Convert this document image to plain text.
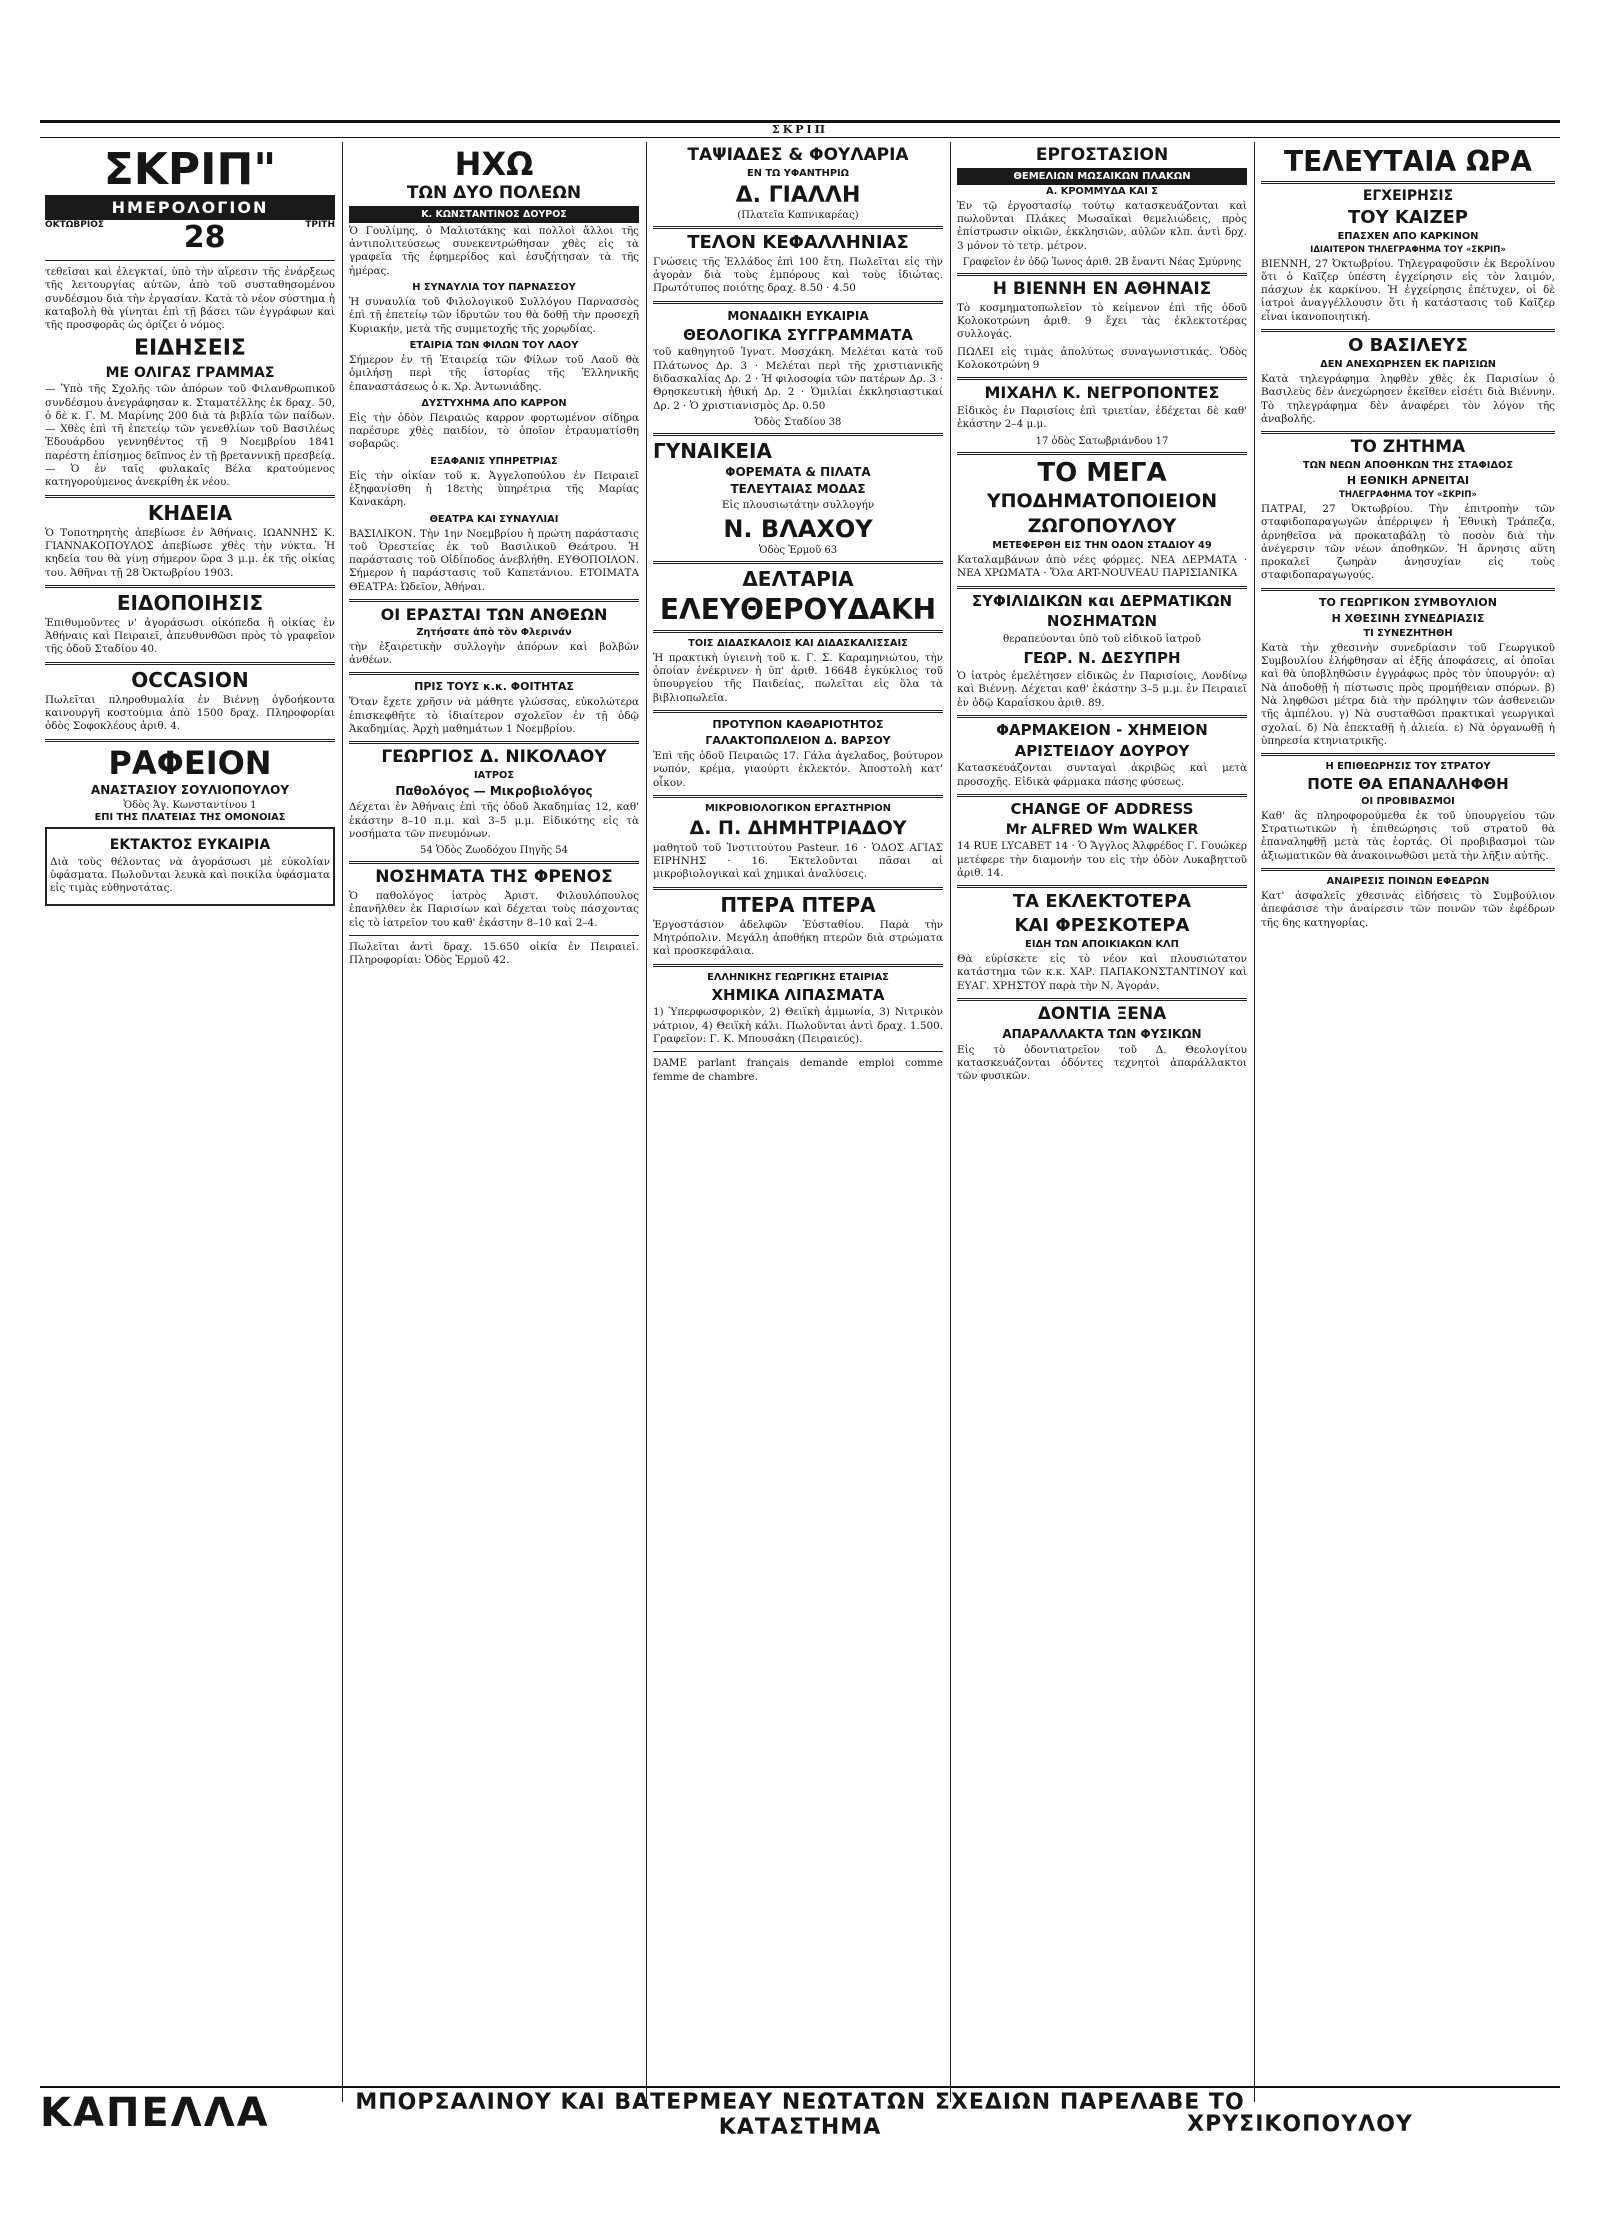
ΣΚΡΙΠ
ΣΚΡΙΠ"
ΗΜΕΡΟΛΟΓΙΟΝ
ΟΚΤΩΒΡΙΟΣ	28	ΤΡΙΤΗ

τεθεῖσαι καὶ ἐλεγκταί, ὑπὸ τὴν αἵρεσιν τῆς ἐνάρξεως τῆς λειτουργίας αὐτῶν, ἀπὸ τοῦ συσταθησομένου συνδέσμου διὰ τὴν ἐργασίαν. Κατὰ τὸ νέον σύστημα ἡ καταβολὴ θὰ γίνηται ἐπὶ τῇ βάσει τῶν ἐγγράφων καὶ τῆς προσφορᾶς ὡς ὁρίζει ὁ νόμος.

ΕΙΔΗΣΕΙΣ
ΜΕ ΟΛΙΓΑΣ ΓΡΑΜΜΑΣ

— Ὑπὸ τῆς Σχολῆς τῶν ἀπόρων τοῦ Φιλανθρωπικοῦ συνδέσμου ἀνεγράφησαν κ. Σταματέλλης ἐκ δραχ. 50, ὁ δὲ κ. Γ. Μ. Μαρίνης 200 διὰ τὰ βιβλία τῶν παίδων. — Χθὲς ἐπὶ τῆ ἐπετείῳ τῶν γενεθλίων τοῦ Βασιλέως Ἐδουάρδου γεννηθέντος τῇ 9 Νοεμβρίου 1841 παρέστη ἐπίσημος δεῖπνος ἐν τῇ βρεταννικῇ πρεσβείᾳ. — Ὁ ἐν ταῖς φυλακαῖς Βέλα κρατούμενος κατηγορούμενος ἀνεκρίθη ἐκ νέου.

ΚΗΔΕΙΑ

Ὁ Τοποτηρητὴς ἀπεβίωσε ἐν Ἀθήναις. ΙΩΑΝΝΗΣ Κ. ΓΙΑΝΝΑΚΟΠΟΥΛΟΣ ἀπεβίωσε χθὲς τὴν νύκτα. Ἡ κηδεία του θὰ γίνῃ σήμερον ὥρα 3 μ.μ. ἐκ τῆς οἰκίας του. Ἀθῆναι τῇ 28 Ὀκτωβρίου 1903.

ΕΙΔΟΠΟΙΗΣΙΣ

Ἐπιθυμοῦντες ν' ἀγοράσωσι οἰκόπεδα ἢ οἰκίας ἐν Ἀθήναις καὶ Πειραιεῖ, ἀπευθυνθῶσι πρὸς τὸ γραφεῖον τῆς ὁδοῦ Σταδίου 40.

OCCASION

Πωλεῖται πληροθυμαλία ἐν Βιέννῃ ὀγδοήκοντα καινουργῆ κοστούμια ἀπὸ 1500 δραχ. Πληροφορίαι ὁδὸς Σοφοκλέους ἀριθ. 4.

ΡΑΦΕΙΟΝ
ΑΝΑΣΤΑΣΙΟΥ ΣΟΥΛΙΟΠΟΥΛΟΥ
Ὁδὸς Ἁγ. Κωνσταντίνου 1
ΕΠΙ ΤΗΣ ΠΛΑΤΕΙΑΣ ΤΗΣ ΟΜΟΝΟΙΑΣ
ΕΚΤΑΚΤΟΣ ΕΥΚΑΙΡΙΑ

Διὰ τοὺς θέλοντας νὰ ἀγοράσωσι μὲ εὐκολίαν ὑφάσματα. Πωλοῦνται λευκὰ καὶ ποικίλα ὑφάσματα εἰς τιμὰς εὐθηνοτάτας.

ΗΧΩ
ΤΩΝ ΔΥΟ ΠΟΛΕΩΝ
Κ. ΚΩΝΣΤΑΝΤΙΝΟΣ ΔΟΥΡΟΣ

Ὁ Γουλίμης, ὁ Μαλιοτάκης καὶ πολλοὶ ἄλλοι τῆς ἀντιπολιτεύσεως συνεκεντρώθησαν χθὲς εἰς τὰ γραφεῖα τῆς ἐφημερίδος καὶ ἐσυζήτησαν τὰ τῆς ἡμέρας.

Η ΣΥΝΑΥΛΙΑ ΤΟΥ ΠΑΡΝΑΣΣΟΥ

Ἡ συναυλία τοῦ Φιλολογικοῦ Συλλόγου Παρνασσὸς ἐπὶ τῇ ἐπετείῳ τῶν ἱδρυτῶν του θὰ δοθῇ τὴν προσεχῆ Κυριακήν, μετὰ τῆς συμμετοχῆς τῆς χορῳδίας.

ΕΤΑΙΡΙΑ ΤΩΝ ΦΙΛΩΝ ΤΟΥ ΛΑΟΥ

Σήμερον ἐν τῇ Ἑταιρείᾳ τῶν Φίλων τοῦ Λαοῦ θὰ ὁμιλήσῃ περὶ τῆς ἱστορίας τῆς Ἑλληνικῆς ἐπαναστάσεως ὁ κ. Χρ. Ἀντωνιάδης.

ΔΥΣΤΥΧΗΜΑ ΑΠΟ ΚΑΡΡΟΝ

Εἰς τὴν ὁδὸν Πειραιῶς καρρον φορτωμένον σίδηρα παρέσυρε χθὲς παιδίον, τὸ ὁποῖον ἐτραυματίσθη σοβαρῶς.

ΕΞΑΦΑΝΙΣ ΥΠΗΡΕΤΡΙΑΣ

Εἰς τὴν οἰκίαν τοῦ κ. Ἀγγελοπούλου ἐν Πειραιεῖ ἐξηφανίσθη ἡ 18ετὴς ὑπηρέτρια τῆς Μαρίας Κανακάρη.

ΘΕΑΤΡΑ ΚΑΙ ΣΥΝΑΥΛΙΑΙ

ΒΑΣΙΛΙΚΟΝ. Τὴν 1ην Νοεμβρίου ἡ πρώτη παράστασις τοῦ Ὀρεστείας ἐκ τοῦ Βασιλικοῦ Θεάτρου. Ἡ παράστασις τοῦ Οἰδίποδος ἀνεβλήθη. ΕΥΘΟΠΟΙΛΟΝ. Σήμερον ἡ παράστασις τοῦ Καπετάνιου. ΕΤΟΙΜΑΤΑ ΘΕΑΤΡΑ: Ὠδεῖον, Ἀθήναι.

ΟΙ ΕΡΑΣΤΑΙ ΤΩΝ ΑΝΘΕΩΝ
Ζητήσατε ἀπὸ τὸν Φλερινάν

τὴν ἐξαιρετικὴν συλλογὴν ἀπόρων καὶ βολβῶν ἀνθέων.

ΠΡΙΣ ΤΟΥΣ κ.κ. ΦΟΙΤΗΤΑΣ

Ὅταν ἔχετε χρῆσιν νὰ μάθητε γλώσσας, εὐκολώτερα ἐπισκεφθῆτε τὸ ἰδιαίτερον σχολεῖον ἐν τῇ ὁδῷ Ἀκαδημίας. Ἀρχὴ μαθημάτων 1 Νοεμβρίου.

ΓΕΩΡΓΙΟΣ Δ. ΝΙΚΟΛΑΟΥ
ΙΑΤΡΟΣ
Παθολόγος — Μικροβιολόγος

Δέχεται ἐν Ἀθήναις ἐπὶ τῆς ὁδοῦ Ἀκαδημίας 12, καθ' ἑκάστην 8–10 π.μ. καὶ 3–5 μ.μ. Εἰδικότης εἰς τὰ νοσήματα τῶν πνευμόνων.

54 Ὁδὸς Ζωοδόχου Πηγῆς 54
ΝΟΣΗΜΑΤΑ ΤΗΣ ΦΡΕΝΟΣ

Ὁ παθολόγος ἰατρὸς Ἀριστ. Φιλουλόπουλος ἐπανῆλθεν ἐκ Παρισίων καὶ δέχεται τοὺς πάσχοντας εἰς τὸ ἰατρεῖον του καθ' ἑκάστην 8–10 καὶ 2–4.

Πωλεῖται ἀντὶ δραχ. 15.650 οἰκία ἐν Πειραιεῖ. Πληροφορίαι: Ὁδὸς Ἑρμοῦ 42.

ΤΑΨΙΑΔΕΣ & ΦΟΥΛΑΡΙΑ
ΕΝ ΤΩ ΥΦΑΝΤΗΡΙΩ
Δ. ΓΙΑΛΛΗ
(Πλατεῖα Καπνικαρέας)
ΤΕΛΟΝ ΚΕΦΑΛΛΗΝΙΑΣ

Γνώσεις τῆς Ἑλλάδος ἐπὶ 100 ἔτη. Πωλεῖται εἰς τὴν ἀγορὰν διὰ τοὺς ἐμπόρους καὶ τοὺς ἰδιώτας. Πρωτότυπος ποιότης δραχ. 8.50 · 4.50

ΜΟΝΑΔΙΚΗ ΕΥΚΑΙΡΙΑ
ΘΕΟΛΟΓΙΚΑ ΣΥΓΓΡΑΜΜΑΤΑ

τοῦ καθηγητοῦ Ἰγνατ. Μοσχάκη. Μελέται κατὰ τοῦ Πλάτωνος Δρ. 3 · Μελέται περὶ τῆς χριστιανικῆς διδασκαλίας Δρ. 2 · Ἡ φιλοσοφία τῶν πατέρων Δρ. 3 · Θρησκευτικὴ ἠθική Δρ. 2 · Ὁμιλίαι ἐκκλησιαστικαί Δρ. 2 · Ὁ χριστιανισμὸς Δρ. 0.50

Ὁδὸς Σταδίου 38
ΓΥΝΑΙΚΕΙΑ
ΦΟΡΕΜΑΤΑ & ΠΙΛΑΤΑ
ΤΕΛΕΥΤΑΙΑΣ ΜΟΔΑΣ

Εἰς πλουσιωτάτην συλλογήν

Ν. ΒΛΑΧΟΥ
Ὁδὸς Ἑρμοῦ 63
ΔΕΛΤΑΡΙΑ
ΕΛΕΥΘΕΡΟΥΔΑΚΗ
ΤΟΙΣ ΔΙΔΑΣΚΑΛΟΙΣ ΚΑΙ ΔΙΔΑΣΚΑΛΙΣΣΑΙΣ

Ἡ πρακτικὴ ὑγιεινὴ τοῦ κ. Γ. Σ. Καραμηνιώτου, τὴν ὁποίαν ἐνέκρινεν ἡ ὑπ' ἀριθ. 16648 ἐγκύκλιος τοῦ ὑπουργείου τῆς Παιδείας, πωλεῖται εἰς ὅλα τὰ βιβλιοπωλεῖα.

ΠΡΟΤΥΠΟΝ ΚΑΘΑΡΙΟΤΗΤΟΣ
ΓΑΛΑΚΤΟΠΩΛΕΙΟΝ Δ. ΒΑΡΣΟΥ

Ἐπὶ τῆς ὁδοῦ Πειραιῶς 17. Γάλα ἀγελαδος, βούτυρον νωπόν, κρέμα, γιαούρτι ἐκλεκτόν. Ἀποστολὴ κατ' οἶκον.

ΜΙΚΡΟΒΙΟΛΟΓΙΚΟΝ ΕΡΓΑΣΤΗΡΙΟΝ
Δ. Π. ΔΗΜΗΤΡΙΑΔΟΥ

μαθητοῦ τοῦ Ἰνστιτούτου Pasteur. 16 · ὉΔΟΣ ΑΓΙΑΣ ΕΙΡΗΝΗΣ · 16. Ἐκτελοῦνται πᾶσαι αἱ μικροβιολογικαὶ καὶ χημικαὶ ἀναλύσεις.

ΠΤΕΡΑ ΠΤΕΡΑ

Ἐργοστάσιον ἀδελφῶν Ἐὐσταθίου. Παρὰ τὴν Μητρόπολιν. Μεγάλη ἀποθήκη πτερῶν διὰ στρώματα καὶ προσκεφάλαια.

ΕΛΛΗΝΙΚΗΣ ΓΕΩΡΓΙΚΗΣ ΕΤΑΙΡΙΑΣ
ΧΗΜΙΚΑ ΛΙΠΑΣΜΑΤΑ

1) Ὑπερφωσφορικὸν, 2) Θειϊκὴ ἀμμωνία, 3) Νιτρικὸν νάτριον, 4) Θειϊκὴ κάλι. Πωλοῦνται ἀντὶ δραχ. 1.500. Γραφεῖον: Γ. Κ. Μπουσάκη (Πειραιεύς).

DAME parlant français demande emploi comme femme de chambre.

ΕΡΓΟΣΤΑΣΙΟΝ
ΘΕΜΕΛΙΩΝ ΜΩΣΑΙΚΩΝ ΠΛΑΚΩΝ
Α. ΚΡΟΜΜΥΔΑ ΚΑΙ Σ

Ἐν τῷ ἐργοστασίῳ τούτῳ κατασκευάζονται καὶ πωλοῦνται Πλάκες Μωσαϊκαὶ θεμελιώδεις, πρὸς ἐπίστρωσιν οἰκιῶν, ἐκκλησιῶν, αὐλῶν κλπ. ἀντὶ δρχ. 3 μόνον τὸ τετρ. μέτρον.

Γραφεῖον ἐν ὁδῷ Ἰωνος ἀριθ. 2Β ἔναντι Νέας Σμύρνης
Η ΒΙΕΝΝΗ ΕΝ ΑΘΗΝΑΙΣ

Τὸ κοσμηματοπωλεῖον τὸ κείμενον ἐπὶ τῆς ὁδοῦ Κολοκοτρώνη ἀριθ. 9 ἔχει τὰς ἐκλεκτοτέρας συλλογάς.

ΠΩΛΕΙ εἰς τιμὰς ἀπολύτως συναγωνιστικάς. Ὁδὸς Κολοκοτρώνη 9

ΜΙΧΑΗΛ Κ. ΝΕΓΡΟΠΟΝΤΕΣ

Εἰδικὸς ἐν Παρισίοις ἐπὶ τριετίαν, ἐδέχεται δὲ καθ' ἑκάστην 2–4 μ.μ.

17 ὁδὸς Σατωβριάνδου 17
ΤΟ ΜΕΓΑ
ΥΠΟΔΗΜΑΤΟΠΟΙΕΙΟΝ
ΖΩΓΟΠΟΥΛΟΥ
ΜΕΤΕΦΕΡΘΗ ΕΙΣ ΤΗΝ ΟΔΟΝ ΣΤΑΔΙΟΥ 49

Καταλαμβάνων ἀπὸ νέες φόρμες. ΝΕΑ ΔΕΡΜΑΤΑ · ΝΕΑ ΧΡΩΜΑΤΑ · Ὅλα ART-NOUVEAU ΠΑΡΙΣΙΑΝΙΚΑ

ΣΥΦΙΛΙΔΙΚΩΝ και ΔΕΡΜΑΤΙΚΩΝ
ΝΟΣΗΜΑΤΩΝ

θεραπεύονται ὑπὸ τοῦ εἰδικοῦ ἰατροῦ

ΓΕΩΡ. Ν. ΔΕΣΥΠΡΗ

Ὁ ἰατρὸς ἐμελέτησεν εἰδικῶς ἐν Παρισίοις, Λονδίνῳ καὶ Βιέννῃ. Δέχεται καθ' ἑκάστην 3–5 μ.μ. ἐν Πειραιεῖ ἐν ὁδῷ Καραΐσκου ἀριθ. 89.

ΦΑΡΜΑΚΕΙΟΝ - ΧΗΜΕΙΟΝ
ΑΡΙΣΤΕΙΔΟΥ ΔΟΥΡΟΥ

Κατασκευάζονται συνταγαὶ ἀκριβῶς καὶ μετὰ προσοχῆς. Εἰδικὰ φάρμακα πάσης φύσεως.

CHANGE OF ADDRESS
Mr ALFRED Wm WALKER

14 RUE LYCABET 14 · Ὁ Ἄγγλος Ἀλφρέδος Γ. Γουώκερ μετέφερε τὴν διαμονήν του εἰς τὴν ὁδὸν Λυκαβηττοῦ ἀριθ. 14.

ΤΑ ΕΚΛΕΚΤΟΤΕΡΑ
ΚΑΙ ΦΡΕΣΚΟΤΕΡΑ
ΕΙΔΗ ΤΩΝ ΑΠΟΙΚΙΑΚΩΝ ΚΛΠ

Θὰ εὑρίσκετε εἰς τὸ νέον καὶ πλουσιώτατον κατάστημα τῶν κ.κ. ΧΑΡ. ΠΑΠΑΚΟΝΣΤΑΝΤΙΝΟΥ καὶ ΕΥΑΓ. ΧΡΗΣΤΟΥ παρὰ τὴν Ν. Ἀγοράν.

ΔΟΝΤΙΑ ΞΕΝΑ
ΑΠΑΡΑΛΛΑΚΤΑ ΤΩΝ ΦΥΣΙΚΩΝ

Εἰς τὸ ὀδοντιατρεῖον τοῦ Δ. Θεολογίτου κατασκευάζονται ὀδόντες τεχνητοὶ ἀπαράλλακτοι τῶν φυσικῶν.

ΤΕΛΕΥΤΑΙΑ ΩΡΑ
ΕΓΧΕΙΡΗΣΙΣ
ΤΟΥ ΚΑΙΖΕΡ
ΕΠΑΣΧΕΝ ΑΠΟ ΚΑΡΚΙΝΟΝ
ΙΔΙΑΙΤΕΡΟΝ ΤΗΛΕΓΡΑΦΗΜΑ ΤΟΥ «ΣΚΡΙΠ»

ΒΙΕΝΝΗ, 27 Ὀκτωβρίου. Τηλεγραφοῦσιν ἐκ Βερολίνου ὅτι ὁ Καῖζερ ὑπέστη ἐγχείρησιν εἰς τὸν λαιμόν, πάσχων ἐκ καρκίνου. Ἡ ἐγχείρησις ἐπέτυχεν, οἱ δὲ ἰατροὶ ἀναγγέλλουσιν ὅτι ἡ κατάστασις τοῦ Καῖζερ εἶναι ἱκανοποιητική.

Ο ΒΑΣΙΛΕΥΣ
ΔΕΝ ΑΝΕΧΩΡΗΣΕΝ ΕΚ ΠΑΡΙΣΙΩΝ

Κατὰ τηλεγράφημα ληφθὲν χθὲς ἐκ Παρισίων ὁ Βασιλεὺς δὲν ἀνεχώρησεν ἐκεῖθεν εἰσέτι διὰ Βιέννην. Τὸ τηλεγράφημα δὲν ἀναφέρει τὸν λόγον τῆς ἀναβολῆς.

ΤΟ ΖΗΤΗΜΑ
ΤΩΝ ΝΕΩΝ ΑΠΟΘΗΚΩΝ ΤΗΣ ΣΤΑΦΙΔΟΣ
Η ΕΘΝΙΚΗ ΑΡΝΕΙΤΑΙ
ΤΗΛΕΓΡΑΦΗΜΑ ΤΟΥ «ΣΚΡΙΠ»

ΠΑΤΡΑΙ, 27 Ὀκτωβρίου. Τὴν ἐπιτροπὴν τῶν σταφιδοπαραγωγῶν ἀπέρριψεν ἡ Ἐθνικὴ Τράπεζα, ἀρνηθεῖσα νὰ προκαταβάλῃ τὸ ποσὸν διὰ τὴν ἀνέγερσιν τῶν νέων ἀποθηκῶν. Ἡ ἄρνησις αὕτη προκαλεῖ ζωηρὰν ἀνησυχίαν εἰς τοὺς σταφιδοπαραγωγούς.

ΤΟ ΓΕΩΡΓΙΚΟΝ ΣΥΜΒΟΥΛΙΟΝ
Η ΧΘΕΣΙΝΗ ΣΥΝΕΔΡΙΑΣΙΣ
ΤΙ ΣΥΝΕΖΗΤΗΘΗ

Κατὰ τὴν χθεσινὴν συνεδρίασιν τοῦ Γεωργικοῦ Συμβουλίου ἐλήφθησαν αἱ ἑξῆς ἀποφάσεις, αἱ ὁποῖαι καὶ θὰ ὑποβληθῶσιν ἐγγράφως πρὸς τὸν ὑπουργόν: α) Νὰ ἀποδοθῇ ἡ πίστωσις πρὸς προμήθειαν σπόρων. β) Νὰ ληφθῶσι μέτρα διὰ τὴν πρόληψιν τῶν ἀσθενειῶν τῆς ἀμπέλου. γ) Νὰ συσταθῶσι πρακτικαὶ γεωργικαὶ σχολαί. δ) Νὰ ἐπεκταθῇ ἡ ἀλιεία. ε) Νὰ ὀργανωθῇ ἡ ὑπηρεσία κτηνιατρικῆς.

Η ΕΠΙΘΕΩΡΗΣΙΣ ΤΟΥ ΣΤΡΑΤΟΥ
ΠΟΤΕ ΘΑ ΕΠΑΝΑΛΗΦΘΗ
ΟΙ ΠΡΟΒΙΒΑΣΜΟΙ

Καθ' ἃς πληροφορούμεθα ἐκ τοῦ ὑπουργείου τῶν Στρατιωτικῶν ἡ ἐπιθεώρησις τοῦ στρατοῦ θὰ ἐπαναληφθῇ μετὰ τὰς ἑορτάς. Οἱ προβιβασμοὶ τῶν ἀξιωματικῶν θὰ ἀνακοινωθῶσι μετὰ τὴν λῆξιν αὐτῆς.

ΑΝΑΙΡΕΣΙΣ ΠΟΙΝΩΝ ΕΦΕΔΡΩΝ

Κατ' ἀσφαλεῖς χθεσινὰς εἰδήσεις τὸ Συμβούλιον ἀπεφάσισε τὴν ἀναίρεσιν τῶν ποινῶν τῶν ἐφέδρων τῆς 6ης κατηγορίας.

ΚΑΠΕΛΛΑ	ΜΠΟΡΣΑΛΙΝΟΥ ΚΑΙ ΒΑΤΕΡΜΕΑΥ ΝΕΩΤΑΤΩΝ ΣΧΕΔΙΩΝ ΠΑΡΕΛΑΒΕ ΤΟ ΚΑΤΑΣΤΗΜΑ	ΧΡΥΣΙΚΟΠΟΥΛΟΥ
